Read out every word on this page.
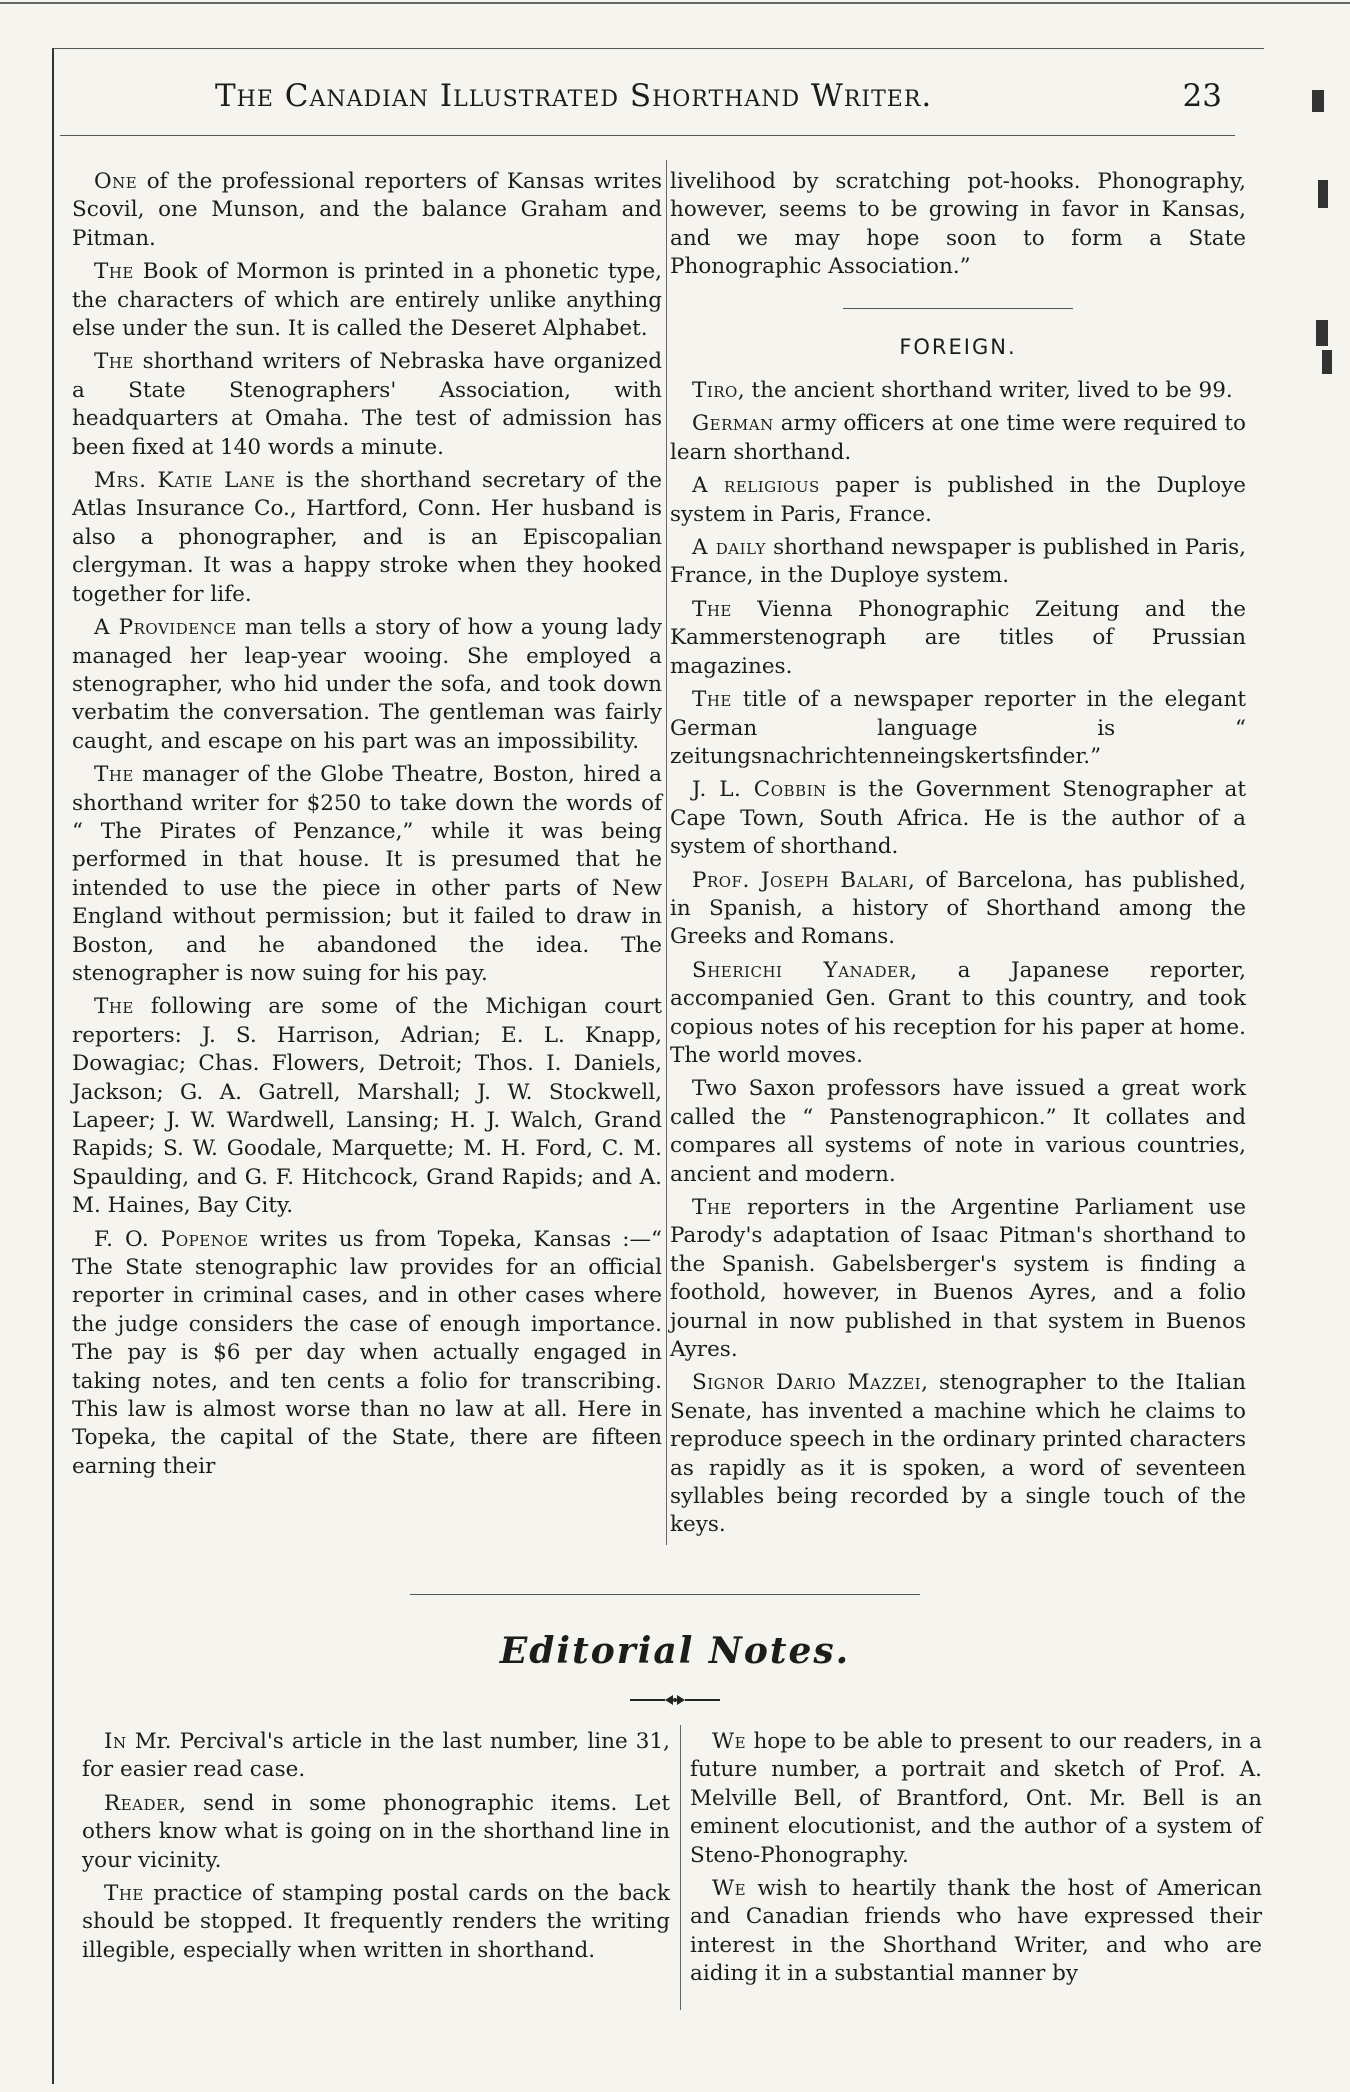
The Canadian Illustrated Shorthand Writer.	23

One of the professional reporters of Kansas writes Scovil, one Munson, and the balance Graham and Pitman.

The Book of Mormon is printed in a phonetic type, the characters of which are entirely unlike anything else under the sun. It is called the Deseret Alphabet.

The shorthand writers of Nebraska have organized a State Stenographers' Association, with headquarters at Omaha. The test of admission has been fixed at 140 words a minute.

Mrs. Katie Lane is the shorthand secretary of the Atlas Insurance Co., Hartford, Conn. Her husband is also a phonographer, and is an Episcopalian clergyman. It was a happy stroke when they hooked together for life.

A Providence man tells a story of how a young lady managed her leap-year wooing. She employed a stenographer, who hid under the sofa, and took down verbatim the conversation. The gentleman was fairly caught, and escape on his part was an impossibility.

The manager of the Globe Theatre, Boston, hired a shorthand writer for $250 to take down the words of “ The Pirates of Penzance,” while it was being performed in that house. It is presumed that he intended to use the piece in other parts of New England without permission; but it failed to draw in Boston, and he abandoned the idea. The stenographer is now suing for his pay.

The following are some of the Michigan court reporters: J. S. Harrison, Adrian; E. L. Knapp, Dowagiac; Chas. Flowers, Detroit; Thos. I. Daniels, Jackson; G. A. Gatrell, Marshall; J. W. Stockwell, Lapeer; J. W. Wardwell, Lansing; H. J. Walch, Grand Rapids; S. W. Goodale, Marquette; M. H. Ford, C. M. Spaulding, and G. F. Hitchcock, Grand Rapids; and A. M. Haines, Bay City.

F. O. Popenoe writes us from Topeka, Kansas :—“ The State stenographic law provides for an official reporter in criminal cases, and in other cases where the judge considers the case of enough importance. The pay is $6 per day when actually engaged in taking notes, and ten cents a folio for transcribing. This law is almost worse than no law at all. Here in Topeka, the capital of the State, there are fifteen earning their

livelihood by scratching pot-hooks. Phonography, however, seems to be growing in favor in Kansas, and we may hope soon to form a State Phonographic Association.”

FOREIGN.

Tiro, the ancient shorthand writer, lived to be 99.

German army officers at one time were required to learn shorthand.

A religious paper is published in the Duploye system in Paris, France.

A daily shorthand newspaper is published in Paris, France, in the Duploye system.

The Vienna Phonographic Zeitung and the Kammerstenograph are titles of Prussian magazines.

The title of a newspaper reporter in the elegant German language is “ zeitungsnachrichtenneingskertsfinder.”

J. L. Cobbin is the Government Stenographer at Cape Town, South Africa. He is the author of a system of shorthand.

Prof. Joseph Balari, of Barcelona, has published, in Spanish, a history of Shorthand among the Greeks and Romans.

Sherichi Yanader, a Japanese reporter, accompanied Gen. Grant to this country, and took copious notes of his reception for his paper at home. The world moves.

Two Saxon professors have issued a great work called the “ Panstenographicon.” It collates and compares all systems of note in various countries, ancient and modern.

The reporters in the Argentine Parliament use Parody's adaptation of Isaac Pitman's shorthand to the Spanish. Gabelsberger's system is finding a foothold, however, in Buenos Ayres, and a folio journal in now published in that system in Buenos Ayres.

Signor Dario Mazzei, stenographer to the Italian Senate, has invented a machine which he claims to reproduce speech in the ordinary printed characters as rapidly as it is spoken, a word of seventeen syllables being recorded by a single touch of the keys.

Editorial Notes.

In Mr. Percival's article in the last number, line 31, for easier read case.

Reader, send in some phonographic items. Let others know what is going on in the shorthand line in your vicinity.

The practice of stamping postal cards on the back should be stopped. It frequently renders the writing illegible, especially when written in shorthand.

We hope to be able to present to our readers, in a future number, a portrait and sketch of Prof. A. Melville Bell, of Brantford, Ont. Mr. Bell is an eminent elocutionist, and the author of a system of Steno-Phonography.

We wish to heartily thank the host of American and Canadian friends who have expressed their interest in the Shorthand Writer, and who are aiding it in a substantial manner by
